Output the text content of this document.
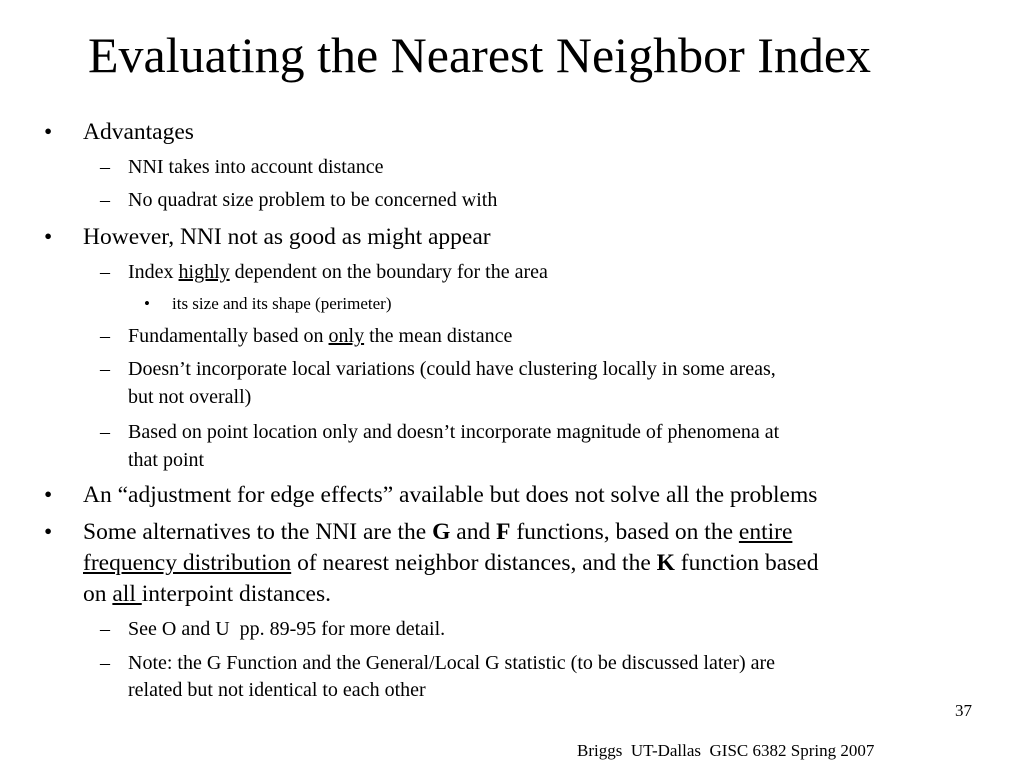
Evaluating the Nearest Neighbor Index
• Advantages
– NNI takes into account distance
– No quadrat size problem to be concerned with
• However, NNI not as good as might appear
– Index highly dependent on the boundary for the area
• its size and its shape (perimeter)
– Fundamentally based on only the mean distance
– Doesn’t incorporate local variations (could have clustering locally in some areas,
but not overall)
– Based on point location only and doesn’t incorporate magnitude of phenomena at
that point
• An “adjustment for edge effects” available but does not solve all the problems
• Some alternatives to the NNI are the G and F functions, based on the entire
frequency distribution of nearest neighbor distances, and the K function based
on all interpoint distances.
– See O and U  pp. 89-95 for more detail.
– Note: the G Function and the General/Local G statistic (to be discussed later) are
related but not identical to each other
37
Briggs  UT-Dallas  GISC 6382 Spring 2007
